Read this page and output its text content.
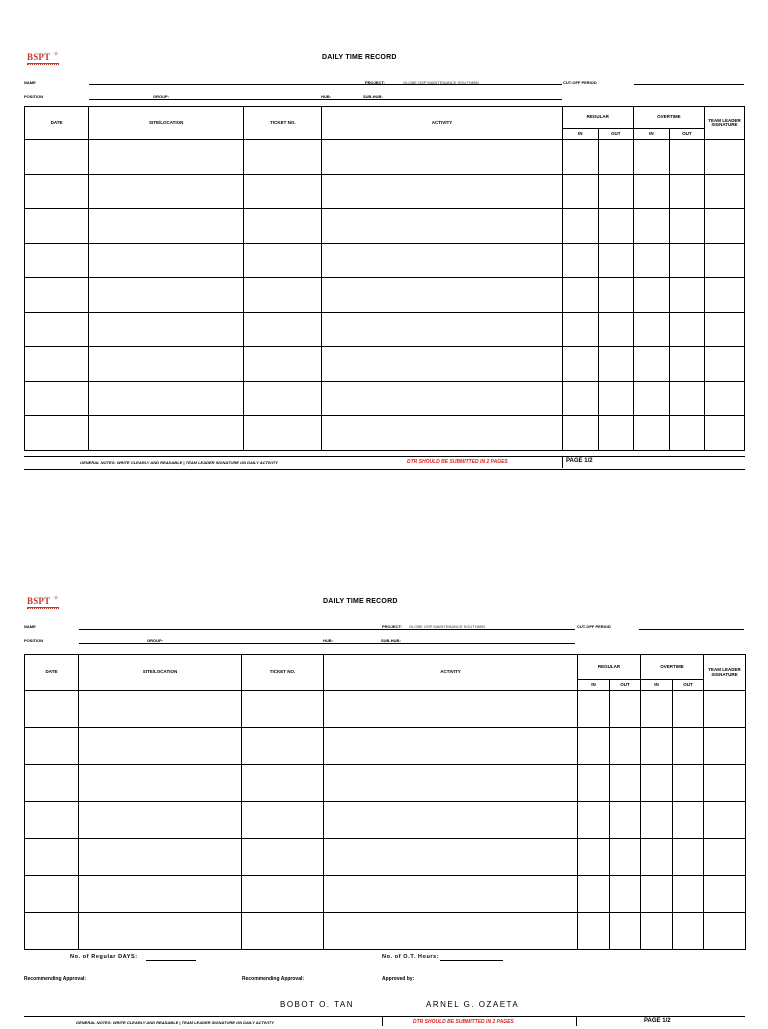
BSPT ✧	DAILY TIME RECORD
NAME	PROJECT:	GLOBE OSP MAINTENANCE SOUTHMIN	CUT-OFF PERIOD
POSITION	GROUP:	HUB:	SUB-HUB:
DATE	SITE/LOCATION	TICKET NO.	ACTIVITY	REGULAR		OVERTIME		TEAM LEADER SIGNATURE
				IN	OUT	IN	OUT	

GENERAL NOTES: WRITE CLEARLY AND READABLE | TEAM LEADER SIGNATURE ON DAILY ACTIVITY	DTR SHOULD BE SUBMITTED IN 2 PAGES	PAGE 1/2
BSPT ✧	DAILY TIME RECORD
NAME	PROJECT: GLOBE OSP MAINTENANCE SOUTHMIN	CUT-OFF PERIOD
POSITION	GROUP:	HUB:	SUB-HUB:
DATE	SITE/LOCATION	TICKET NO.	ACTIVITY	REGULAR		OVERTIME		TEAM LEADER SIGNATURE
				IN	OUT	IN	OUT	

No. of Regular DAYS:	No. of O.T. Hours:
Recommending Approval:	Recommending Approval:	Approved by:
BOBOT O. TAN	ARNEL G. OZAETA
GENERAL NOTES: WRITE CLEARLY AND READABLE | TEAM LEADER SIGNATURE ON DAILY ACTIVITY	DTR SHOULD BE SUBMITTED IN 2 PAGES	PAGE 1/2
